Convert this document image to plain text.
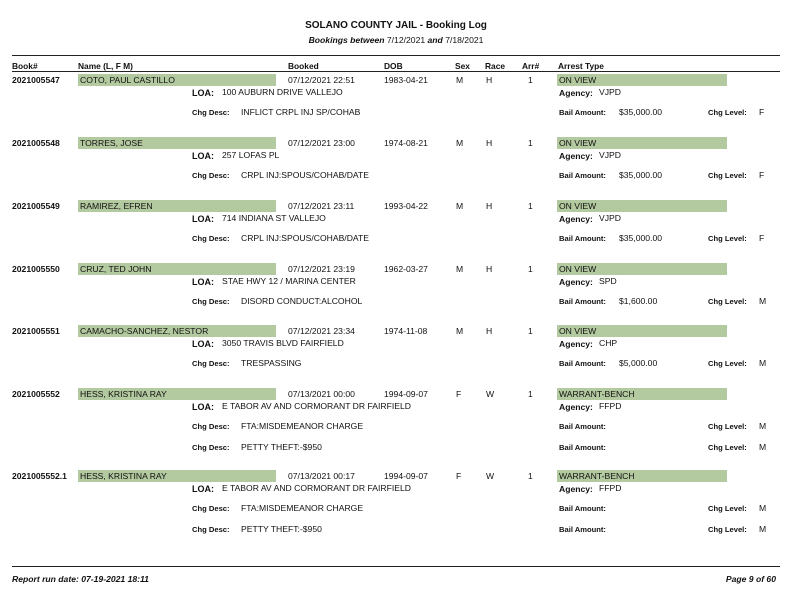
SOLANO COUNTY JAIL - Booking Log
Bookings between 7/12/2021 and 7/18/2021
Book#	Name (L, F M)	Booked	DOB	Sex Race Arr# Arrest Type
2021005547 COTO, PAUL CASTILLO	07/12/2021 22:51	1983-04-21	M	H	1	ON VIEW
LOA: 100 AUBURN DRIVE VALLEJO	Agency: VJPD
Chg Desc: INFLICT CRPL INJ SP/COHAB	Bail Amount: $35,000.00	Chg Level: F
2021005548 TORRES, JOSE	07/12/2021 23:00	1974-08-21	M	H	1	ON VIEW
LOA: 257 LOFAS PL	Agency: VJPD
Chg Desc: CRPL INJ:SPOUS/COHAB/DATE	Bail Amount: $35,000.00	Chg Level: F
2021005549 RAMIREZ, EFREN	07/12/2021 23:11	1993-04-22	M	H	1	ON VIEW
LOA: 714 INDIANA ST VALLEJO	Agency: VJPD
Chg Desc: CRPL INJ:SPOUS/COHAB/DATE	Bail Amount: $35,000.00	Chg Level: F
2021005550 CRUZ, TED JOHN	07/12/2021 23:19	1962-03-27	M	H	1	ON VIEW
LOA: STAE HWY 12 / MARINA CENTER	Agency: SPD
Chg Desc: DISORD CONDUCT:ALCOHOL	Bail Amount: $1,600.00	Chg Level: M
2021005551 CAMACHO-SANCHEZ, NESTOR	07/12/2021 23:34	1974-11-08	M	H	1	ON VIEW
LOA: 3050 TRAVIS BLVD FAIRFIELD	Agency: CHP
Chg Desc: TRESPASSING	Bail Amount: $5,000.00	Chg Level: M
2021005552 HESS, KRISTINA RAY	07/13/2021 00:00	1994-09-07	F	W	1	WARRANT-BENCH
LOA: E TABOR AV AND CORMORANT DR FAIRFIELD	Agency: FFPD
Chg Desc: FTA:MISDEMEANOR CHARGE	Bail Amount:	Chg Level: M
Chg Desc: PETTY THEFT:-$950	Bail Amount:	Chg Level: M
2021005552.1 HESS, KRISTINA RAY	07/13/2021 00:17	1994-09-07	F	W	1	WARRANT-BENCH
LOA: E TABOR AV AND CORMORANT DR FAIRFIELD	Agency: FFPD
Chg Desc: FTA:MISDEMEANOR CHARGE	Bail Amount:	Chg Level: M
Chg Desc: PETTY THEFT:-$950	Bail Amount:	Chg Level: M
Report run date: 07-19-2021 18:11	Page 9 of 60
